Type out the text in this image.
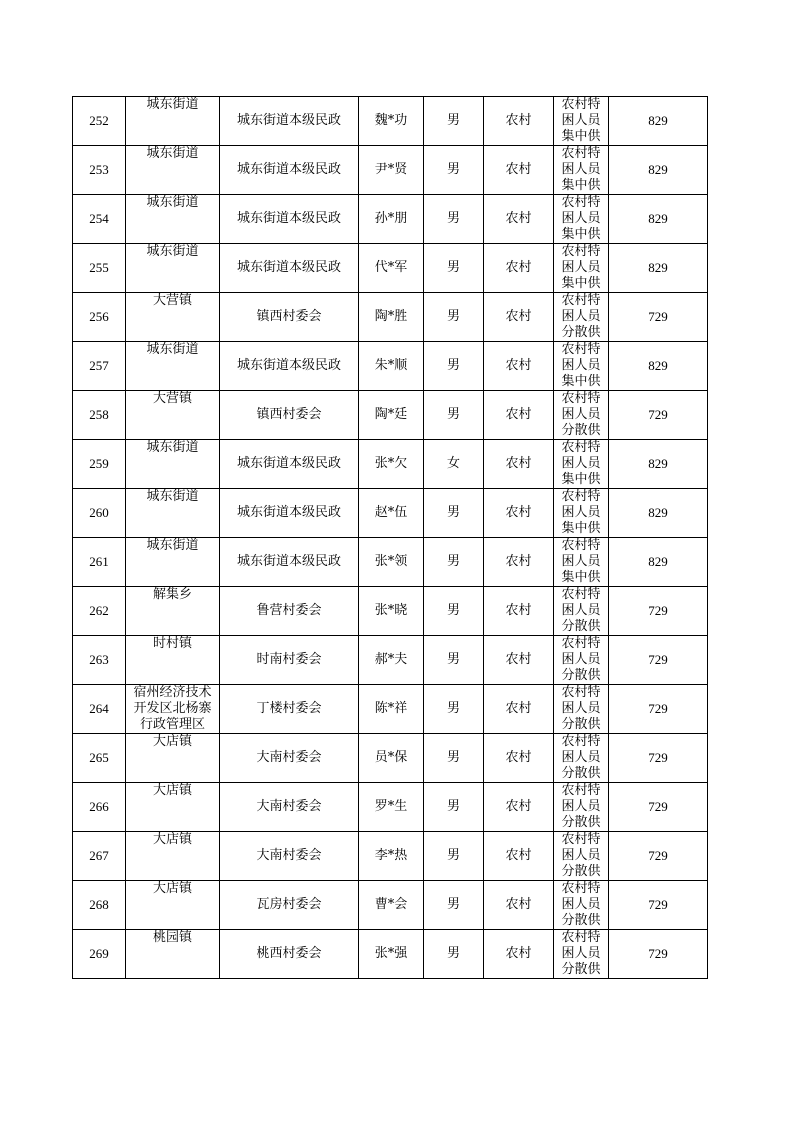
252	城东街道	城东街道本级民政	魏*功	男	农村	农村特
困人员
集中供	829
253	城东街道	城东街道本级民政	尹*贤	男	农村	农村特
困人员
集中供	829
254	城东街道	城东街道本级民政	孙*朋	男	农村	农村特
困人员
集中供	829
255	城东街道	城东街道本级民政	代*军	男	农村	农村特
困人员
集中供	829
256	大营镇	镇西村委会	陶*胜	男	农村	农村特
困人员
分散供	729
257	城东街道	城东街道本级民政	朱*顺	男	农村	农村特
困人员
集中供	829
258	大营镇	镇西村委会	陶*廷	男	农村	农村特
困人员
分散供	729
259	城东街道	城东街道本级民政	张*欠	女	农村	农村特
困人员
集中供	829
260	城东街道	城东街道本级民政	赵*伍	男	农村	农村特
困人员
集中供	829
261	城东街道	城东街道本级民政	张*领	男	农村	农村特
困人员
集中供	829
262	解集乡	鲁营村委会	张*晓	男	农村	农村特
困人员
分散供	729
263	时村镇	时南村委会	郝*夫	男	农村	农村特
困人员
分散供	729
264	宿州经济技术开发区北杨寨行政管理区	丁楼村委会	陈*祥	男	农村	农村特
困人员
分散供	729
265	大店镇	大南村委会	员*保	男	农村	农村特
困人员
分散供	729
266	大店镇	大南村委会	罗*生	男	农村	农村特
困人员
分散供	729
267	大店镇	大南村委会	李*热	男	农村	农村特
困人员
分散供	729
268	大店镇	瓦房村委会	曹*会	男	农村	农村特
困人员
分散供	729
269	桃园镇	桃西村委会	张*强	男	农村	农村特
困人员
分散供	729
